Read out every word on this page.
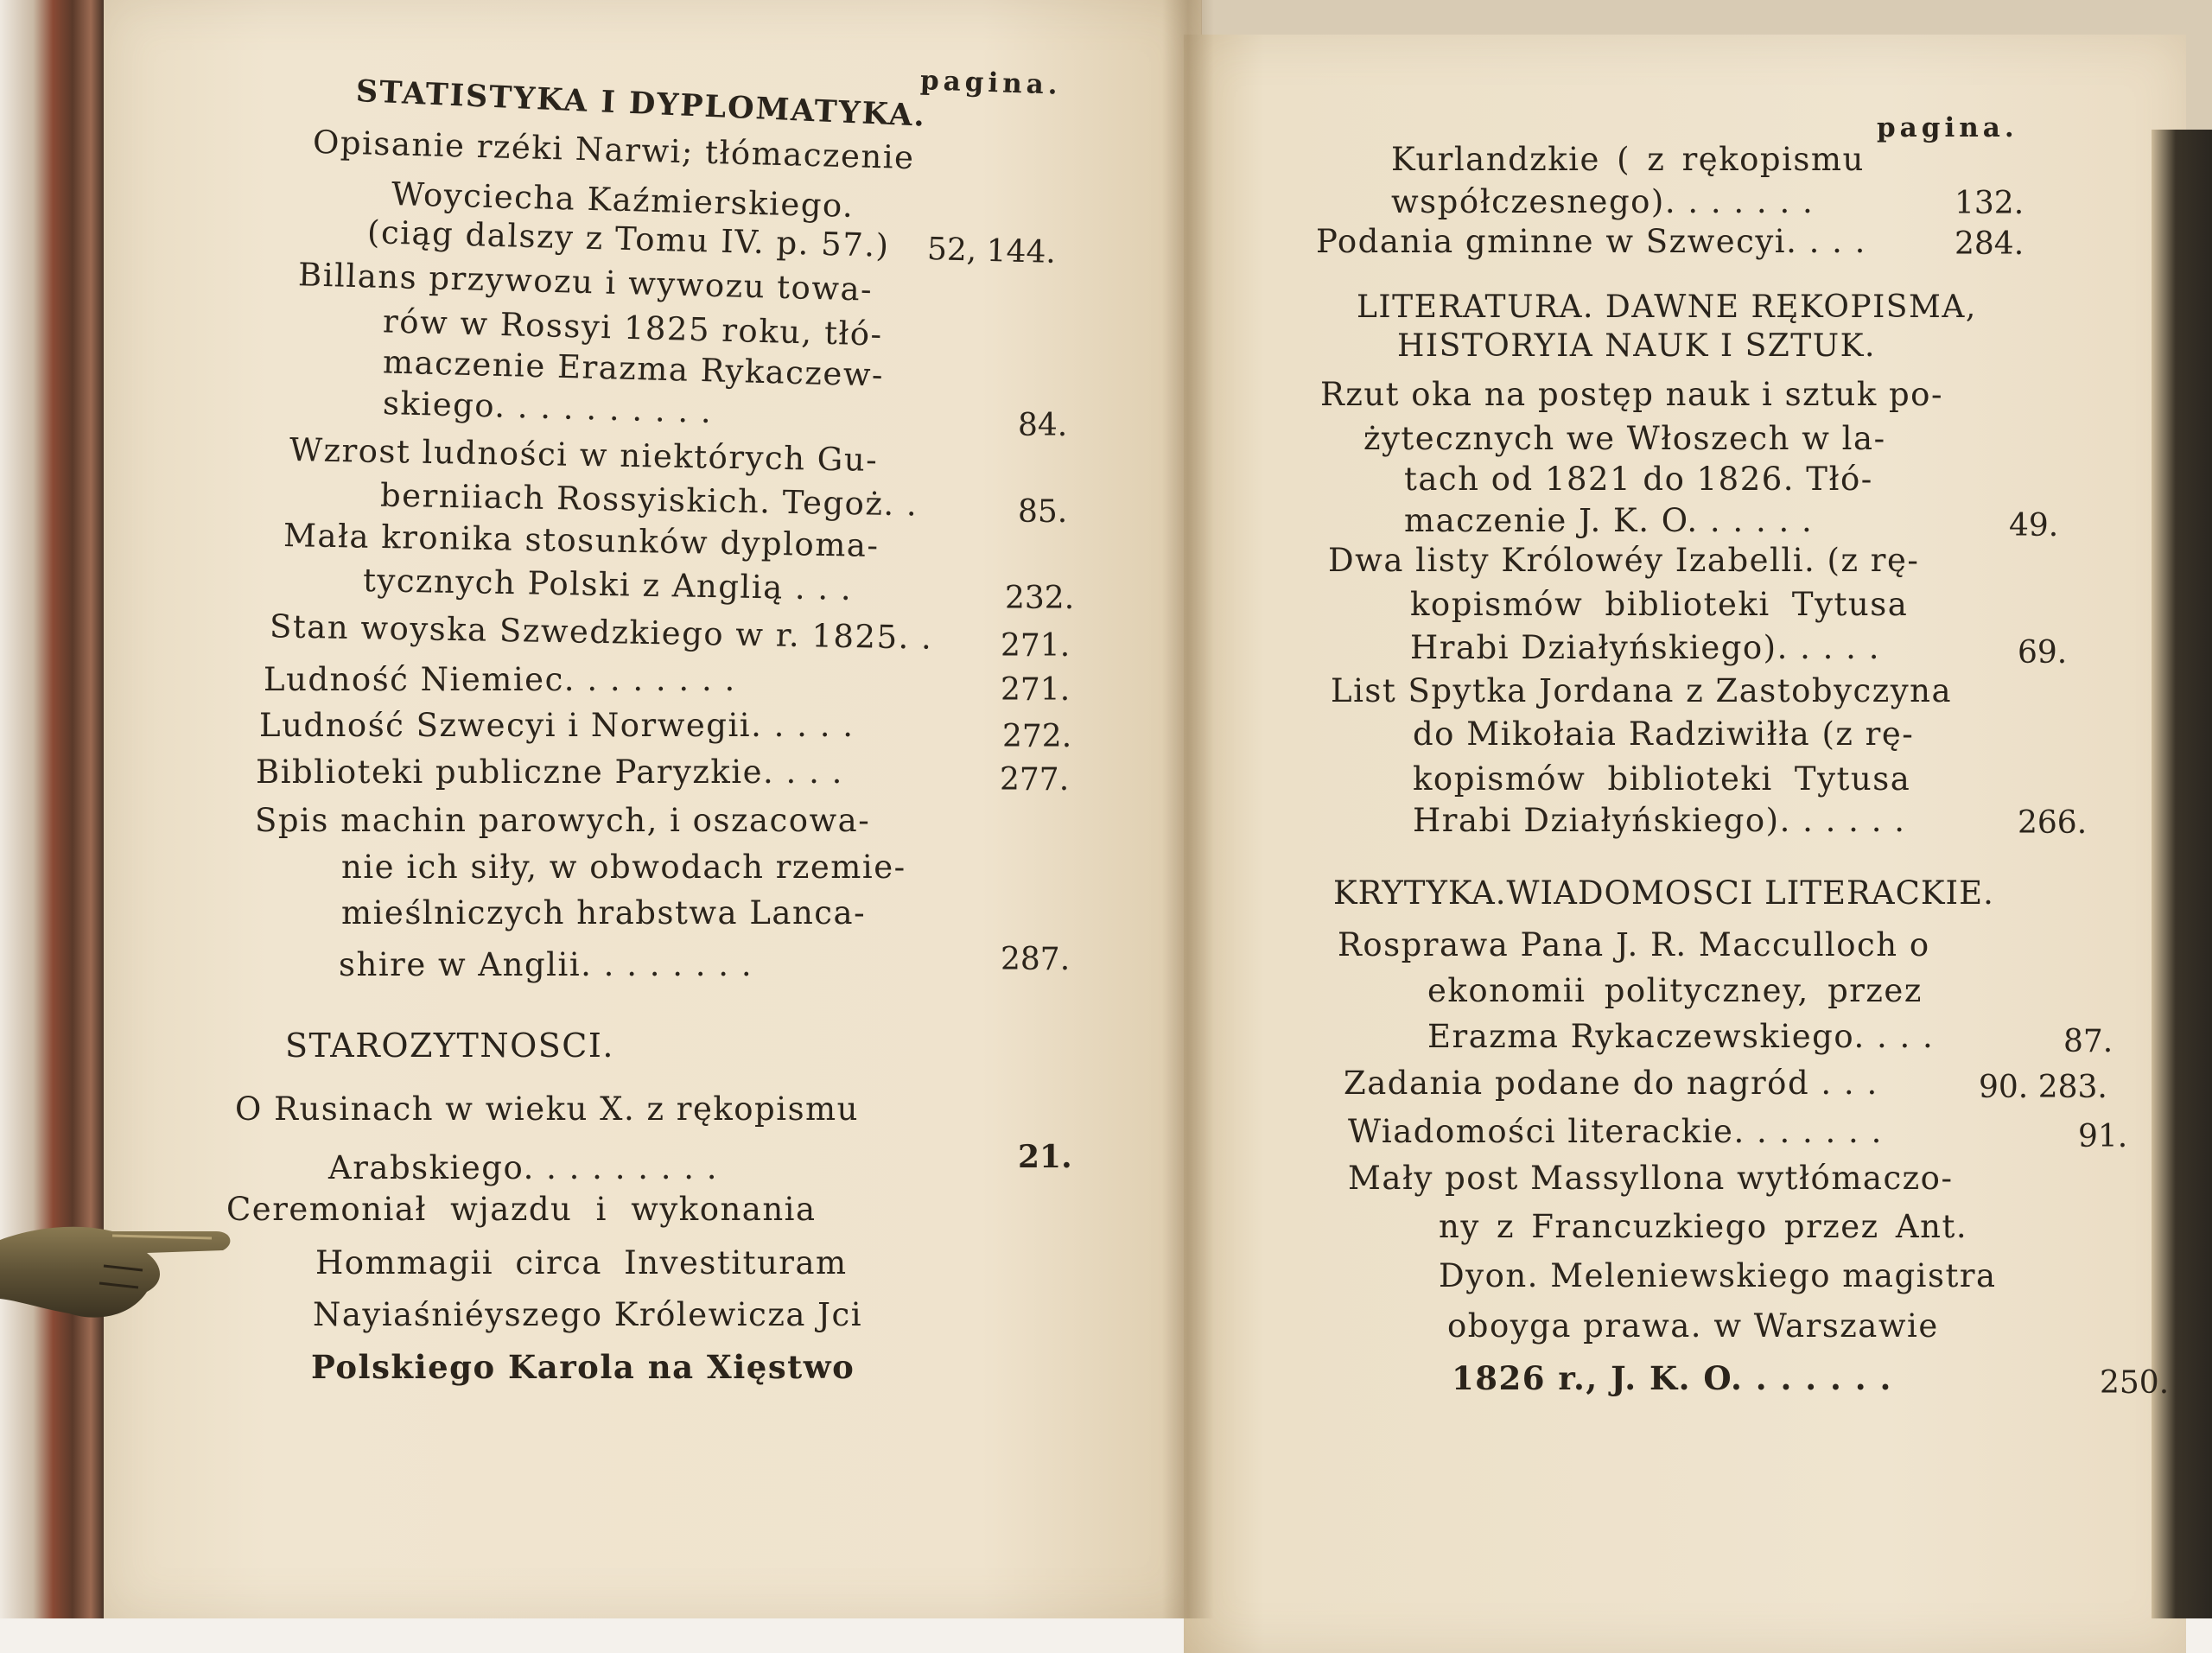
STATISTYKA I DYPLOMATYKA.
pagina.
Opisanie rzéki Narwi; tłómaczenie
Woyciecha Kaźmierskiego.
(ciąg dalszy z Tomu IV. p. 57.) 52, 144.
Billans przywozu i wywozu towa-
rów w Rossyi 1825 roku, tłó-
maczenie Erazma Rykaczew-
skiego. . . . . . . . . .	84.
Wzrost ludności w niektórych Gu-
berniiach Rossyiskich. Tegoż. .	85.
Mała kronika stosunków dyploma-
tycznych Polski z Anglią . . .	232.
Stan woyska Szwedzkiego w r. 1825. . 271.
Ludność Niemiec. . . . . . . .	271.
Ludność Szwecyi i Norwegii. . . . .	272.
Biblioteki publiczne Paryzkie. . . .	277.
Spis machin parowych, i oszacowa-
nie ich siły, w obwodach rzemie-
mieślniczych hrabstwa Lanca-
shire w Anglii. . . . . . . .	287.
STAROZYTNOSCI.
O Rusinach w wieku X. z rękopismu
Arabskiego. . . . . . . . .	21.
Ceremoniał wjazdu i wykonania
Hommagii circa Investituram
Nayiaśniéyszego Królewicza Jci
Polskiego Karola na Xięstwo
pagina.
Kurlandzkie ( z rękopismu
współczesnego). . . . . . .	132.
Podania gminne w Szwecyi. . . .	284.
LITERATURA. DAWNE RĘKOPISMA,
HISTORYIA NAUK I SZTUK.
Rzut oka na postęp nauk i sztuk po-
żytecznych we Włoszech w la-
tach od 1821 do 1826. Tłó-
maczenie J. K. O. . . . . .	49.
Dwa listy Królowéy Izabelli. (z rę-
kopismów biblioteki Tytusa
Hrabi Działyńskiego). . . . .	69.
List Spytka Jordana z Zastobyczyna
do Mikołaia Radziwiłła (z rę-
kopismów biblioteki Tytusa
Hrabi Działyńskiego). . . . . .	266.
KRYTYKA.WIADOMOSCI LITERACKIE.
Rosprawa Pana J. R. Macculloch o
ekonomii polityczney, przez
Erazma Rykaczewskiego. . . .	87.
Zadania podane do nagród . . .	90. 283.
Wiadomości literackie. . . . . . .	91.
Mały post Massyllona wytłómaczo-
ny z Francuzkiego przez Ant.
Dyon. Meleniewskiego magistra
oboyga prawa. w Warszawie
1826 r., J. K. O. . . . . . .	250.
